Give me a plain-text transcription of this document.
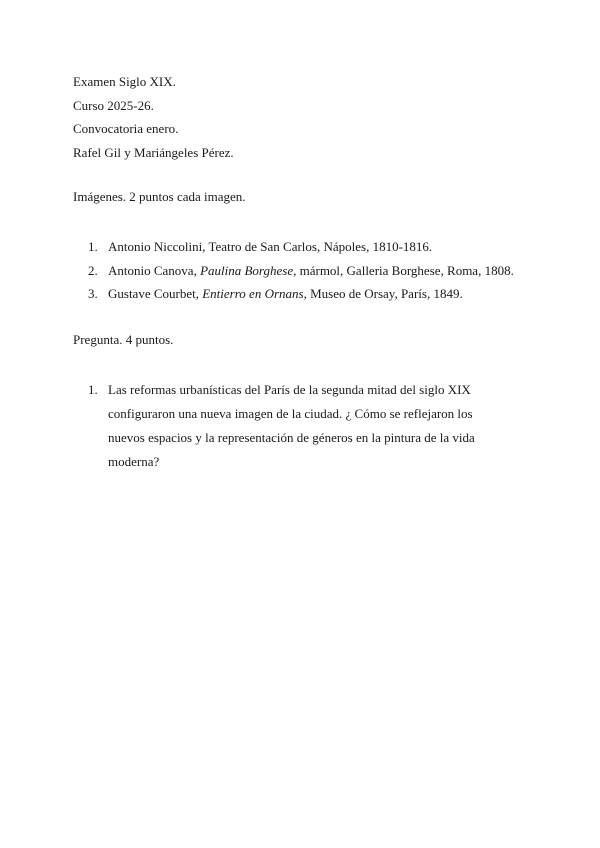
Examen Siglo XIX.
Curso 2025-26.
Convocatoria enero.
Rafel Gil y Mariángeles Pérez.
Imágenes. 2 puntos cada imagen.
1. Antonio Niccolini, Teatro de San Carlos, Nápoles, 1810-1816.
2. Antonio Canova, Paulina Borghese, mármol, Galleria Borghese, Roma, 1808.
3. Gustave Courbet, Entierro en Ornans, Museo de Orsay, París, 1849.
Pregunta. 4 puntos.
1. Las reformas urbanísticas del París de la segunda mitad del siglo XIX configuraron una nueva imagen de la ciudad. ¿ Cómo se reflejaron los nuevos espacios y la representación de géneros en la pintura de la vida moderna?
